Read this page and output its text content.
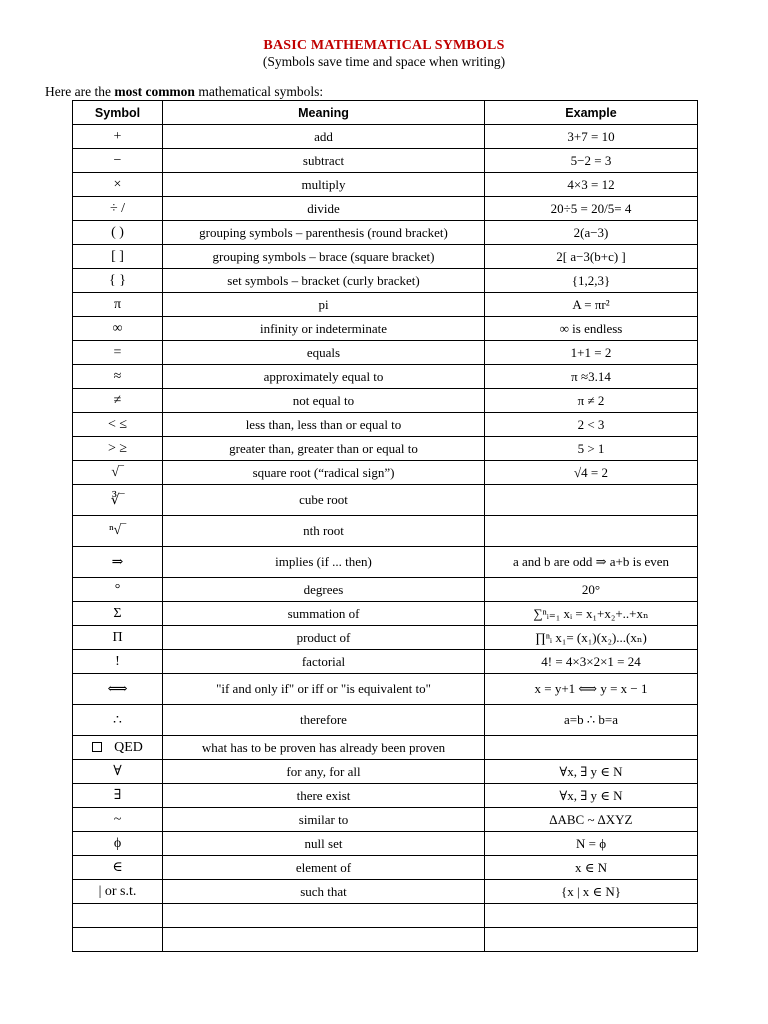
BASIC MATHEMATICAL SYMBOLS
(Symbols save time and space when writing)
Here are the most common mathematical symbols:
Symbol	Meaning	Example
+	add	3+7 = 10
−	subtract	5−2 = 3
×	multiply	4×3 = 12
÷ /	divide	20÷5 = 20/5= 4
( )	grouping symbols – parenthesis (round bracket)	2(a−3)
[ ]	grouping symbols – brace (square bracket)	2[ a−3(b+c) ]
{ }	set symbols – bracket (curly bracket)	{1,2,3}
π	pi	A = πr²
∞	infinity or indeterminate	∞ is endless
=	equals	1+1 = 2
≈	approximately equal to	π ≈3.14
≠	not equal to	π ≠ 2
< ≤	less than, less than or equal to	2 < 3
> ≥	greater than, greater than or equal to	5 > 1
√‾	square root (“radical sign”)	√4 = 2
∛‾	cube root	
ⁿ√‾	nth root	
⇒	implies (if ... then)	a and b are odd ⇒ a+b is even
°	degrees	20°
Σ	summation of	∑ⁿᵢ₌₁ xᵢ = x₁+x₂+..+xₙ
Π	product of	∏ⁿᵢ x₁= (x₁)(x₂)...(xₙ)
!	factorial	4! = 4×3×2×1 = 24
⟺	"if and only if" or iff or "is equivalent to"	x = y+1 ⟺ y = x − 1
∴	therefore	a=b ∴ b=a
QED	what has to be proven has already been proven	
∀	for any, for all	∀x, ∃ y ∈ N
∃	there exist	∀x, ∃ y ∈ N
~	similar to	∆ABC ~ ∆XYZ
ϕ	null set	N = ϕ
∈	element of	x ∈ N
| or s.t.	such that	{x | x ∈ N}
